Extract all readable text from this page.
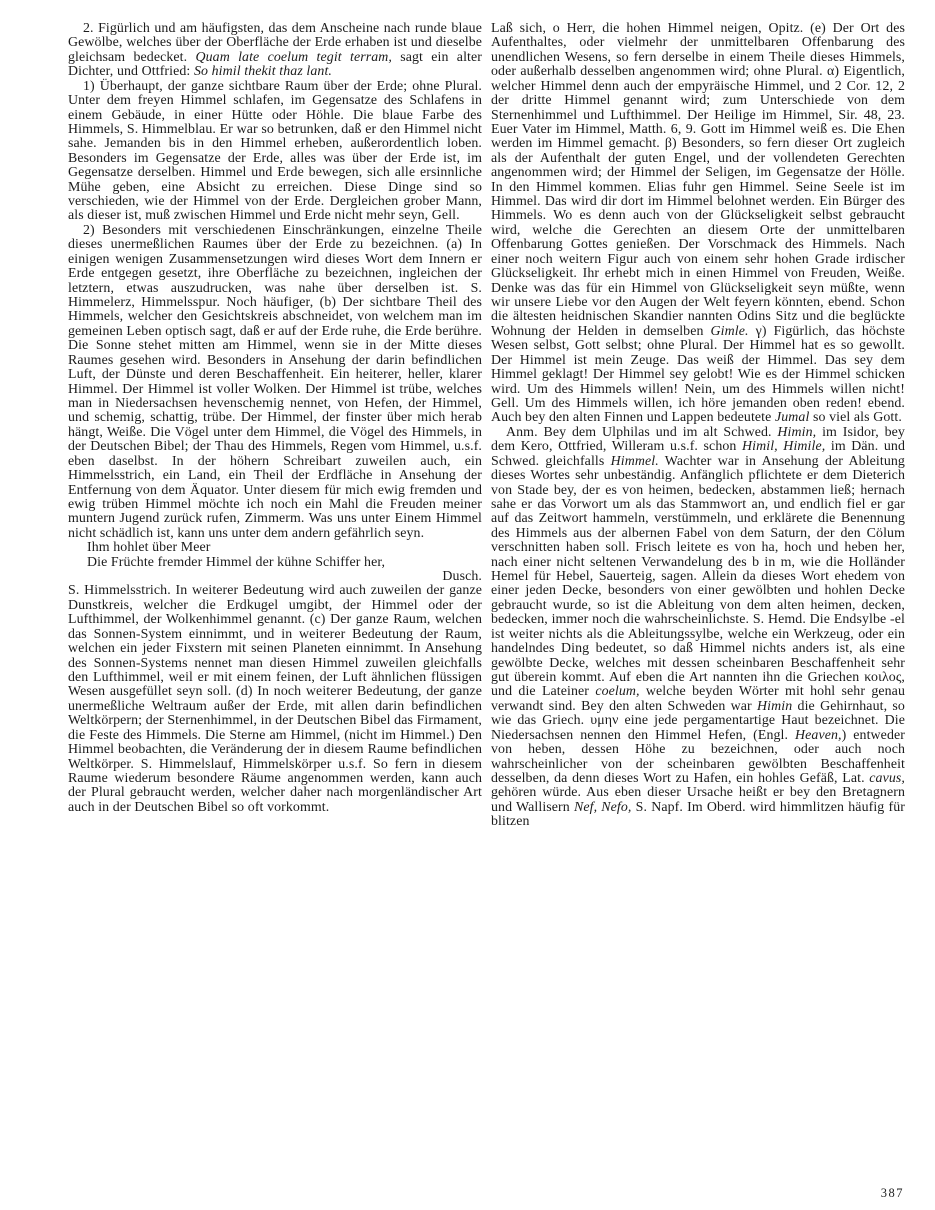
2. Figürlich und am häufigsten, das dem Anscheine nach runde blaue Gewölbe, welches über der Oberfläche der Erde erhaben ist und dieselbe gleichsam bedecket. Quam late coelum tegit terram, sagt ein alter Dichter, und Ottfried: So himil thekit thaz lant.

1) Überhaupt, der ganze sichtbare Raum über der Erde; ohne Plural. Unter dem freyen Himmel schlafen, im Gegensatze des Schlafens in einem Gebäude, in einer Hütte oder Höhle. Die blaue Farbe des Himmels, S. Himmelblau. Er war so betrunken, daß er den Himmel nicht sahe. Jemanden bis in den Himmel erheben, außerordentlich loben. Besonders im Gegensatze der Erde, alles was über der Erde ist, im Gegensatze derselben. Himmel und Erde bewegen, sich alle ersinnliche Mühe geben, eine Absicht zu erreichen. Diese Dinge sind so verschieden, wie der Himmel von der Erde. Dergleichen grober Mann, als dieser ist, muß zwischen Himmel und Erde nicht mehr seyn, Gell.

2) Besonders mit verschiedenen Einschränkungen, einzelne Theile dieses unermeßlichen Raumes über der Erde zu bezeichnen. (a) In einigen wenigen Zusammensetzungen wird dieses Wort dem Innern er Erde entgegen gesetzt, ihre Oberfläche zu bezeichnen, ingleichen der letztern, etwas auszudrucken, was nahe über derselben ist. S. Himmelerz, Himmelsspur. Noch häufiger, (b) Der sichtbare Theil des Himmels, welcher den Gesichtskreis abschneidet, von welchem man im gemeinen Leben optisch sagt, daß er auf der Erde ruhe, die Erde berühre. Die Sonne stehet mitten am Himmel, wenn sie in der Mitte dieses Raumes gesehen wird. Besonders in Ansehung der darin befindlichen Luft, der Dünste und deren Beschaffenheit. Ein heiterer, heller, klarer Himmel. Der Himmel ist voller Wolken. Der Himmel ist trübe, welches man in Niedersachsen hevenschemig nennet, von Hefen, der Himmel, und schemig, schattig, trübe. Der Himmel, der finster über mich herab hängt, Weiße. Die Vögel unter dem Himmel, die Vögel des Himmels, in der Deutschen Bibel; der Thau des Himmels, Regen vom Himmel, u.s.f. eben daselbst. In der höhern Schreibart zuweilen auch, ein Himmelsstrich, ein Land, ein Theil der Erdfläche in Ansehung der Entfernung von dem Äquator. Unter diesem für mich ewig fremden und ewig trüben Himmel möchte ich noch ein Mahl die Freuden meiner muntern Jugend zurück rufen, Zimmerm. Was uns unter Einem Himmel nicht schädlich ist, kann uns unter dem andern gefährlich seyn.

Ihm hohlet über Meer

Die Früchte fremder Himmel der kühne Schiffer her,

Dusch.

S. Himmelsstrich. In weiterer Bedeutung wird auch zuweilen der ganze Dunstkreis, welcher die Erdkugel umgibt, der Himmel oder der Lufthimmel, der Wolkenhimmel genannt. (c) Der ganze Raum, welchen das Sonnen-System einnimmt, und in weiterer Bedeutung der Raum, welchen ein jeder Fixstern mit seinen Planeten einnimmt. In Ansehung des Sonnen-Systems nennet man diesen Himmel zuweilen gleichfalls den Lufthimmel, weil er mit einem feinen, der Luft ähnlichen flüssigen Wesen ausgefüllet seyn soll. (d) In noch weiterer Bedeutung, der ganze unermeßliche Weltraum außer der Erde, mit allen darin befindlichen Weltkörpern; der Sternenhimmel, in der Deutschen Bibel das Firmament, die Feste des Himmels. Die Sterne am Himmel, (nicht im Himmel.) Den Himmel beobachten, die Veränderung der in diesem Raume befindlichen Weltkörper. S. Himmelslauf, Himmelskörper u.s.f. So fern in diesem Raume wiederum besondere Räume angenommen werden, kann auch der Plural gebraucht werden, welcher daher nach morgenländischer Art auch in der Deutschen Bibel so oft vorkommt.

Laß sich, o Herr, die hohen Himmel neigen, Opitz. (e) Der Ort des Aufenthaltes, oder vielmehr der unmittelbaren Offenbarung des unendlichen Wesens, so fern derselbe in einem Theile dieses Himmels, oder außerhalb desselben angenommen wird; ohne Plural. α) Eigentlich, welcher Himmel denn auch der empyräische Himmel, und 2 Cor. 12, 2 der dritte Himmel genannt wird; zum Unterschiede von dem Sternenhimmel und Lufthimmel. Der Heilige im Himmel, Sir. 48, 23. Euer Vater im Himmel, Matth. 6, 9. Gott im Himmel weiß es. Die Ehen werden im Himmel gemacht. β) Besonders, so fern dieser Ort zugleich als der Aufenthalt der guten Engel, und der vollendeten Gerechten angenommen wird; der Himmel der Seligen, im Gegensatze der Hölle. In den Himmel kommen. Elias fuhr gen Himmel. Seine Seele ist im Himmel. Das wird dir dort im Himmel belohnet werden. Ein Bürger des Himmels. Wo es denn auch von der Glückseligkeit selbst gebraucht wird, welche die Gerechten an diesem Orte der unmittelbaren Offenbarung Gottes genießen. Der Vorschmack des Himmels. Nach einer noch weitern Figur auch von einem sehr hohen Grade irdischer Glückseligkeit. Ihr erhebt mich in einen Himmel von Freuden, Weiße. Denke was das für ein Himmel von Glückseligkeit seyn müßte, wenn wir unsere Liebe vor den Augen der Welt feyern könnten, ebend. Schon die ältesten heidnischen Skandier nannten Odins Sitz und die beglückte Wohnung der Helden in demselben Gimle. γ) Figürlich, das höchste Wesen selbst, Gott selbst; ohne Plural. Der Himmel hat es so gewollt. Der Himmel ist mein Zeuge. Das weiß der Himmel. Das sey dem Himmel geklagt! Der Himmel sey gelobt! Wie es der Himmel schicken wird. Um des Himmels willen! Nein, um des Himmels willen nicht! Gell. Um des Himmels willen, ich höre jemanden oben reden! ebend. Auch bey den alten Finnen und Lappen bedeutete Jumal so viel als Gott.

Anm. Bey dem Ulphilas und im alt Schwed. Himin, im Isidor, bey dem Kero, Ottfried, Willeram u.s.f. schon Himil, Himile, im Dän. und Schwed. gleichfalls Himmel. Wachter war in Ansehung der Ableitung dieses Wortes sehr unbeständig. Anfänglich pflichtete er dem Dieterich von Stade bey, der es von heimen, bedecken, abstammen ließ; hernach sahe er das Vorwort um als das Stammwort an, und endlich fiel er gar auf das Zeitwort hammeln, verstümmeln, und erklärete die Benennung des Himmels aus der albernen Fabel von dem Saturn, der den Cölum verschnitten haben soll. Frisch leitete es von ha, hoch und heben her, nach einer nicht seltenen Verwandelung des b in m, wie die Holländer Hemel für Hebel, Sauerteig, sagen. Allein da dieses Wort ehedem von einer jeden Decke, besonders von einer gewölbten und hohlen Decke gebraucht wurde, so ist die Ableitung von dem alten heimen, decken, bedecken, immer noch die wahrscheinlichste. S. Hemd. Die Endsylbe -el ist weiter nichts als die Ableitungssylbe, welche ein Werkzeug, oder ein handelndes Ding bedeutet, so daß Himmel nichts anders ist, als eine gewölbte Decke, welches mit dessen scheinbaren Beschaffenheit sehr gut überein kommt. Auf eben die Art nannten ihn die Griechen κοιλος, und die Lateiner coelum, welche beyden Wörter mit hohl sehr genau verwandt sind. Bey den alten Schweden war Himin die Gehirnhaut, so wie das Griech. υμην eine jede pergamentartige Haut bezeichnet. Die Niedersachsen nennen den Himmel Hefen, (Engl. Heaven,) entweder von heben, dessen Höhe zu bezeichnen, oder auch noch wahrscheinlicher von der scheinbaren gewölbten Beschaffenheit desselben, da denn dieses Wort zu Hafen, ein hohles Gefäß, Lat. cavus, gehören würde. Aus eben dieser Ursache heißt er bey den Bretagnern und Wallisern Nef, Nefo, S. Napf. Im Oberd. wird himmlitzen häufig für blitzen

387
